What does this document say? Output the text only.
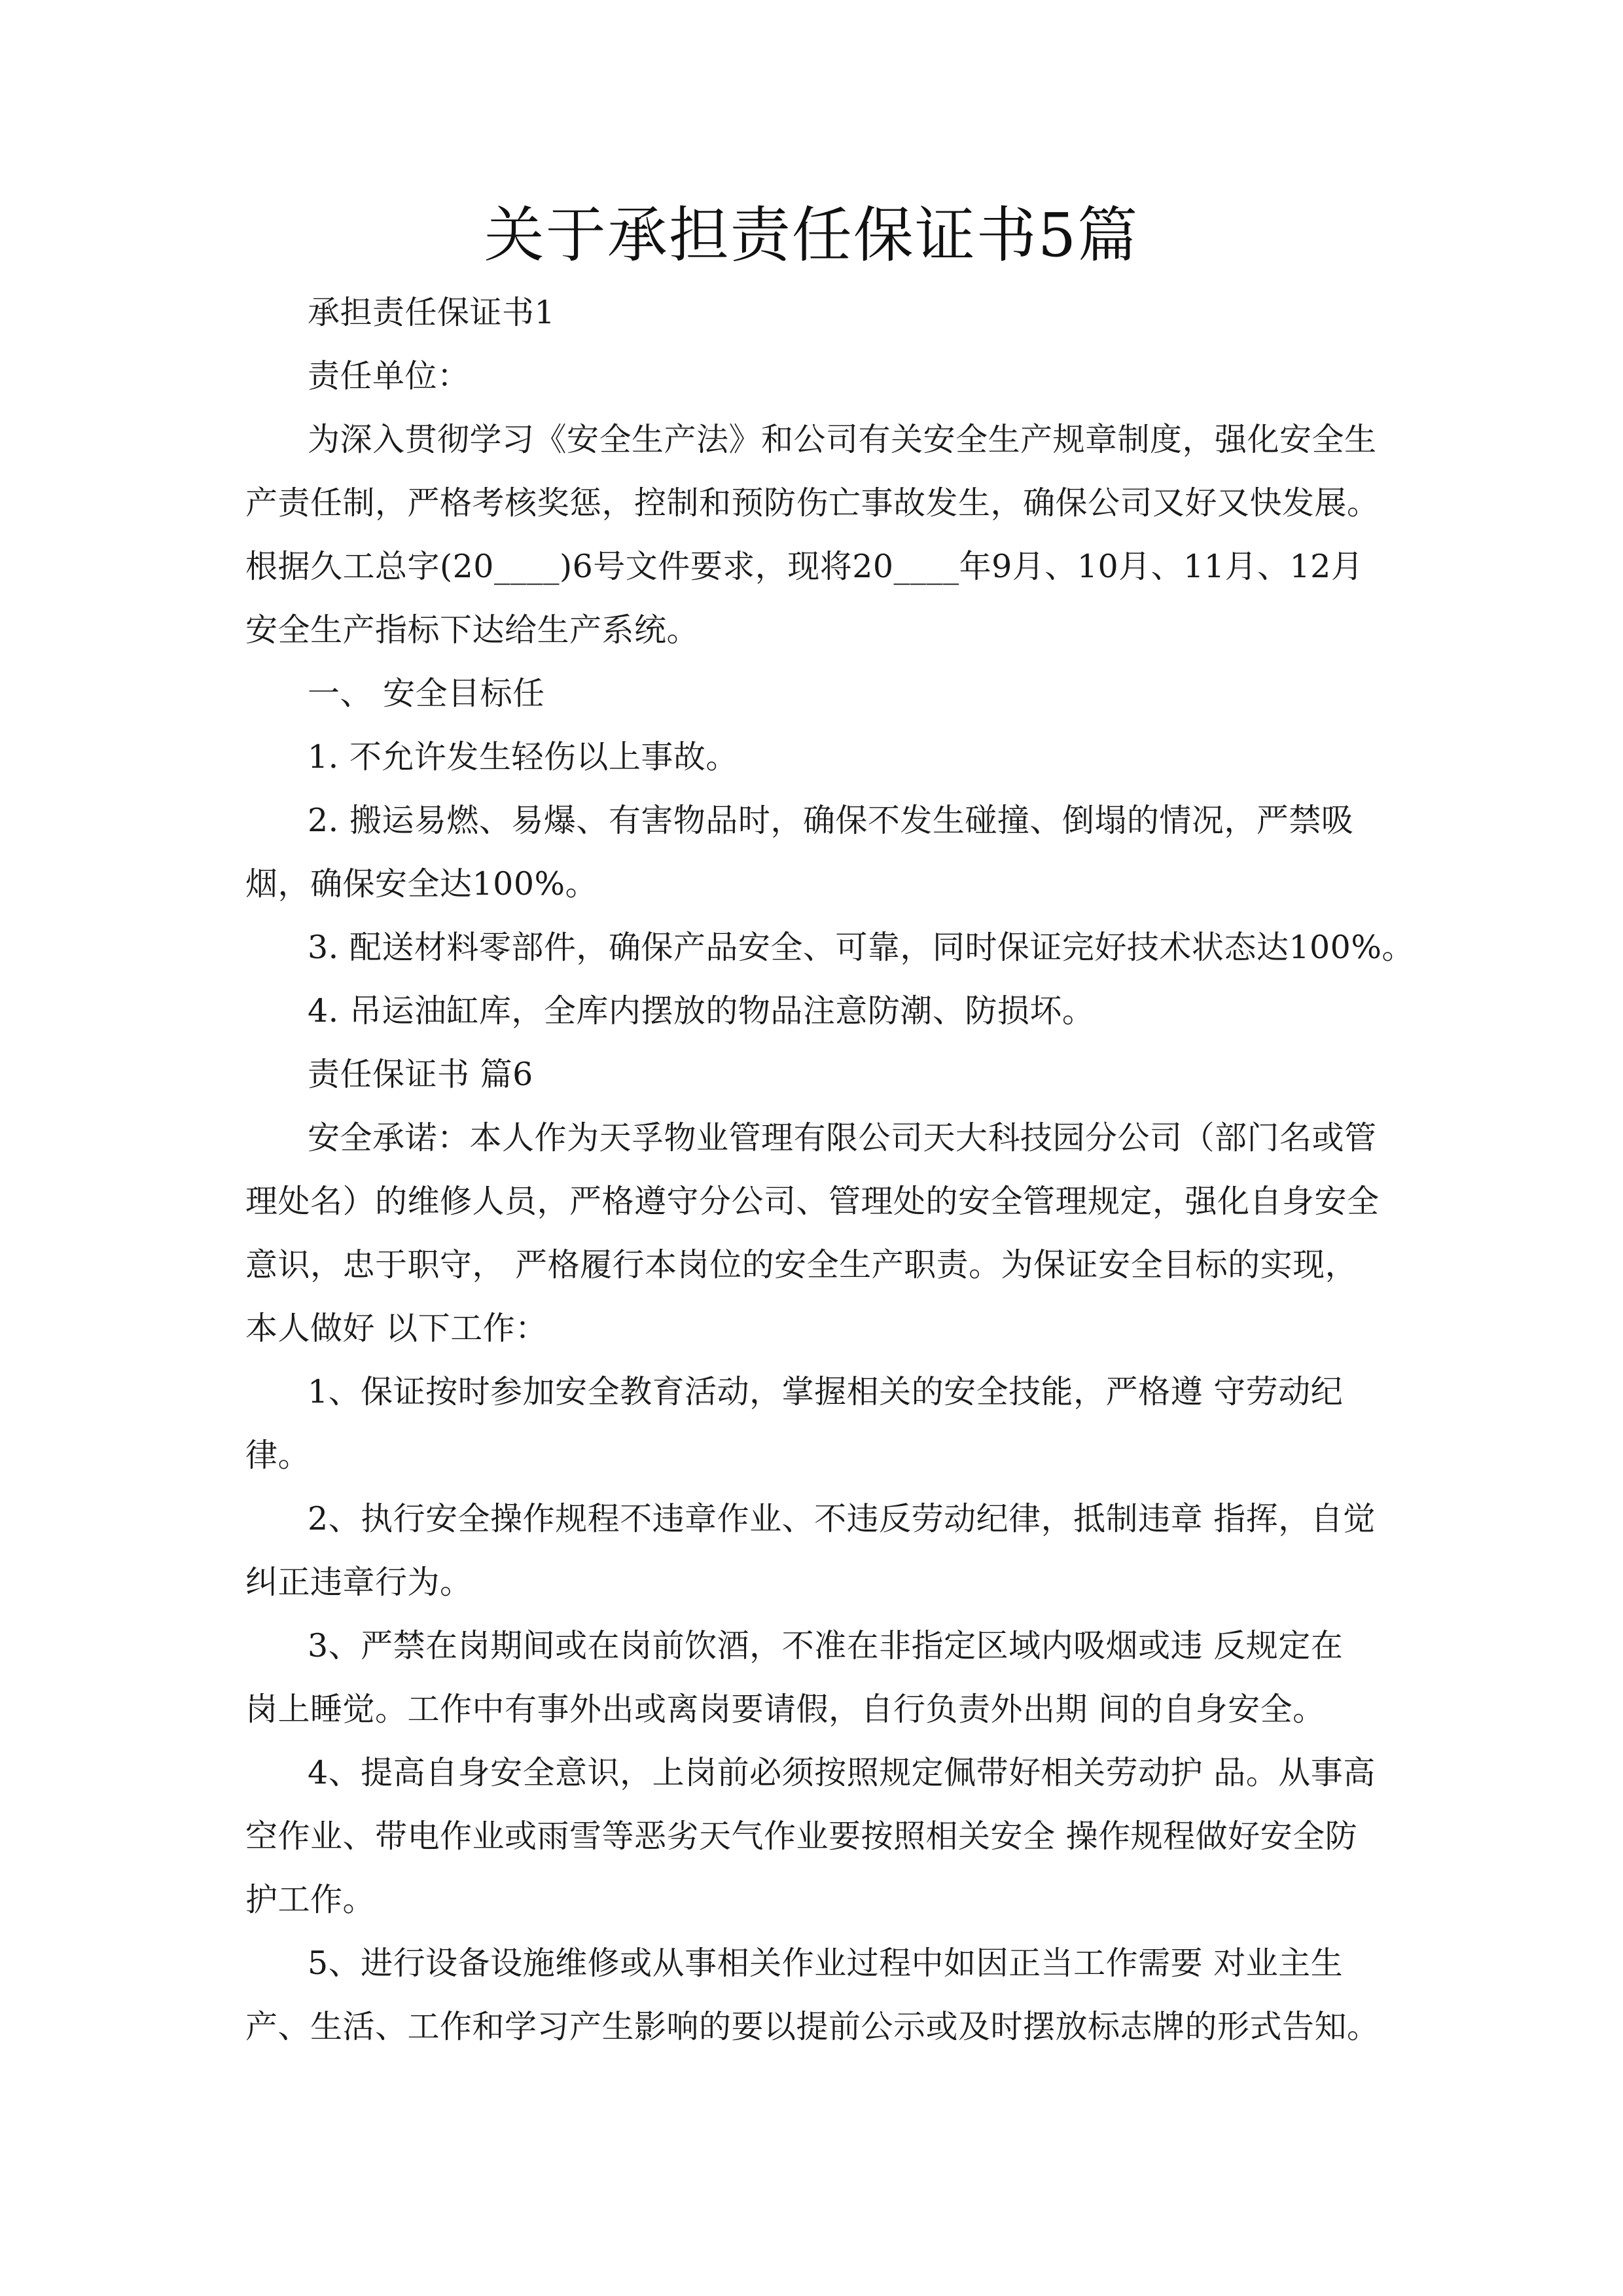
关于承担责任保证书5篇
承担责任保证书1
责任单位：
为深入贯彻学习《安全生产法》和公司有关安全生产规章制度，强化安全生
产责任制，严格考核奖惩，控制和预防伤亡事故发生，确保公司又好又快发展。
根据久工总字(20____)6号文件要求，现将20____年9月、10月、11月、12月
安全生产指标下达给生产系统。
一、 安全目标任
1. 不允许发生轻伤以上事故。
2. 搬运易燃、易爆、有害物品时，确保不发生碰撞、倒塌的情况，严禁吸
烟，确保安全达100%。
3. 配送材料零部件，确保产品安全、可靠，同时保证完好技术状态达100%。
4. 吊运油缸库，全库内摆放的物品注意防潮、防损坏。
责任保证书 篇6
安全承诺：本人作为天孚物业管理有限公司天大科技园分公司（部门名或管
理处名）的维修人员，严格遵守分公司、管理处的安全管理规定，强化自身安全
意识，忠于职守， 严格履行本岗位的安全生产职责。为保证安全目标的实现，
本人做好 以下工作：
1、保证按时参加安全教育活动，掌握相关的安全技能，严格遵 守劳动纪
律。
2、执行安全操作规程不违章作业、不违反劳动纪律，抵制违章 指挥，自觉
纠正违章行为。
3、严禁在岗期间或在岗前饮酒，不准在非指定区域内吸烟或违 反规定在
岗上睡觉。工作中有事外出或离岗要请假，自行负责外出期 间的自身安全。
4、提高自身安全意识，上岗前必须按照规定佩带好相关劳动护 品。从事高
空作业、带电作业或雨雪等恶劣天气作业要按照相关安全 操作规程做好安全防
护工作。
5、进行设备设施维修或从事相关作业过程中如因正当工作需要 对业主生
产、生活、工作和学习产生影响的要以提前公示或及时摆放标志牌的形式告知。
